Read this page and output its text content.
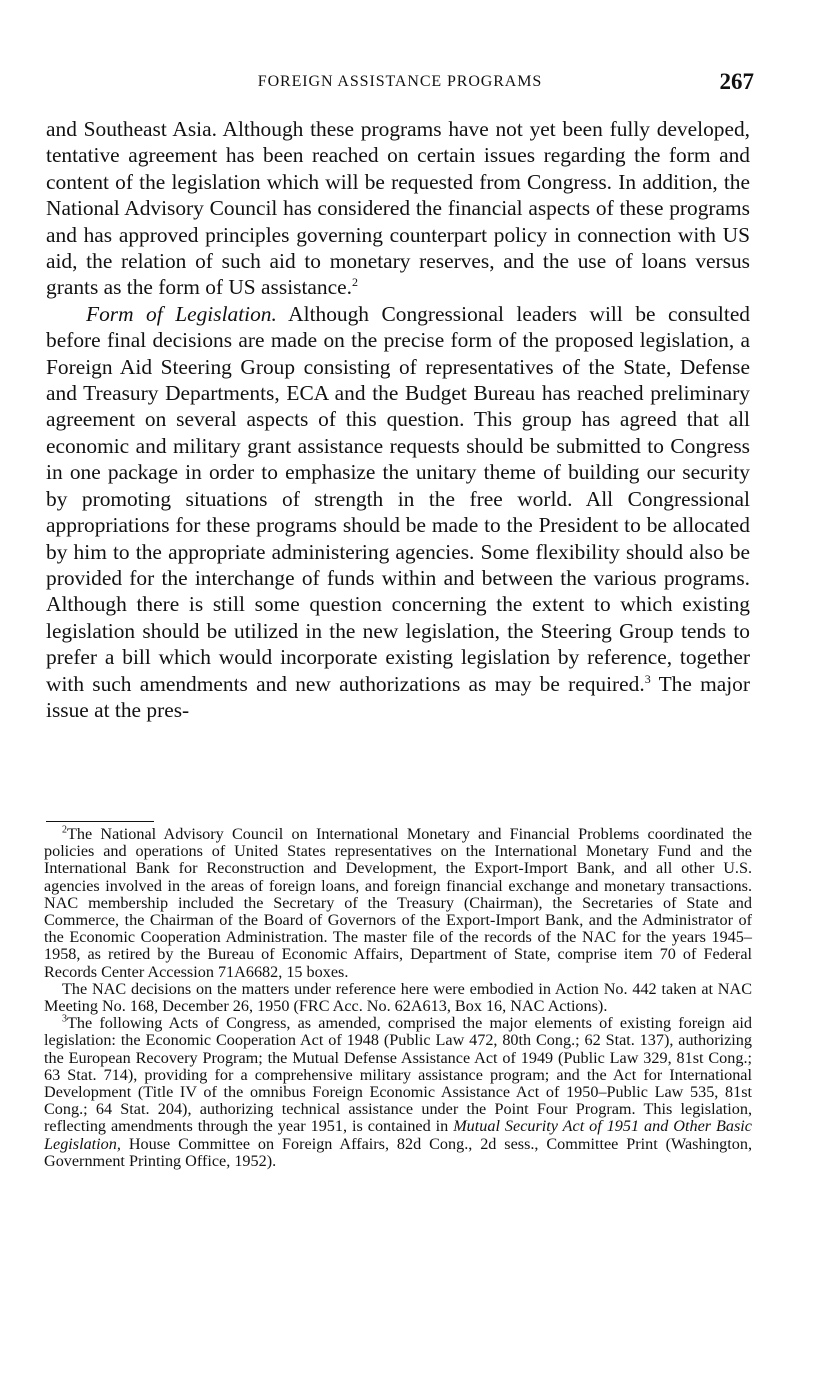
FOREIGN ASSISTANCE PROGRAMS	267

and Southeast Asia. Although these programs have not yet been fully developed, tentative agreement has been reached on certain issues regarding the form and content of the legislation which will be requested from Congress. In addition, the National Advisory Council has considered the financial aspects of these programs and has approved principles governing counterpart policy in connection with US aid, the relation of such aid to monetary reserves, and the use of loans versus grants as the form of US assistance.$^2$

Form of Legislation. Although Congressional leaders will be consulted before final decisions are made on the precise form of the proposed legislation, a Foreign Aid Steering Group consisting of representatives of the State, Defense and Treasury Departments, ECA and the Budget Bureau has reached preliminary agreement on several aspects of this question. This group has agreed that all economic and military grant assistance requests should be submitted to Congress in one package in order to emphasize the unitary theme of building our security by promoting situations of strength in the free world. All Congressional appropriations for these programs should be made to the President to be allocated by him to the appropriate administering agencies. Some flexibility should also be provided for the interchange of funds within and between the various programs. Although there is still some question concerning the extent to which existing legislation should be utilized in the new legislation, the Steering Group tends to prefer a bill which would incorporate existing legislation by reference, together with such amendments and new authorizations as may be required.$^3$ The major issue at the pres-

$^2$The National Advisory Council on International Monetary and Financial Problems coordinated the policies and operations of United States representatives on the International Monetary Fund and the International Bank for Reconstruction and Development, the Export-Import Bank, and all other U.S. agencies involved in the areas of foreign loans, and foreign financial exchange and monetary transactions. NAC membership included the Secretary of the Treasury (Chairman), the Secretaries of State and Commerce, the Chairman of the Board of Governors of the Export-Import Bank, and the Administrator of the Economic Cooperation Administration. The master file of the records of the NAC for the years 1945–1958, as retired by the Bureau of Economic Affairs, Department of State, comprise item 70 of Federal Records Center Accession 71A6682, 15 boxes.

The NAC decisions on the matters under reference here were embodied in Action No. 442 taken at NAC Meeting No. 168, December 26, 1950 (FRC Acc. No. 62A613, Box 16, NAC Actions).

$^3$The following Acts of Congress, as amended, comprised the major elements of existing foreign aid legislation: the Economic Cooperation Act of 1948 (Public Law 472, 80th Cong.; 62 Stat. 137), authorizing the European Recovery Program; the Mutual Defense Assistance Act of 1949 (Public Law 329, 81st Cong.; 63 Stat. 714), providing for a comprehensive military assistance program; and the Act for International Development (Title IV of the omnibus Foreign Economic Assistance Act of 1950–Public Law 535, 81st Cong.; 64 Stat. 204), authorizing technical assistance under the Point Four Program. This legislation, reflecting amendments through the year 1951, is contained in Mutual Security Act of 1951 and Other Basic Legislation, House Committee on Foreign Affairs, 82d Cong., 2d sess., Committee Print (Washington, Government Printing Office, 1952).
